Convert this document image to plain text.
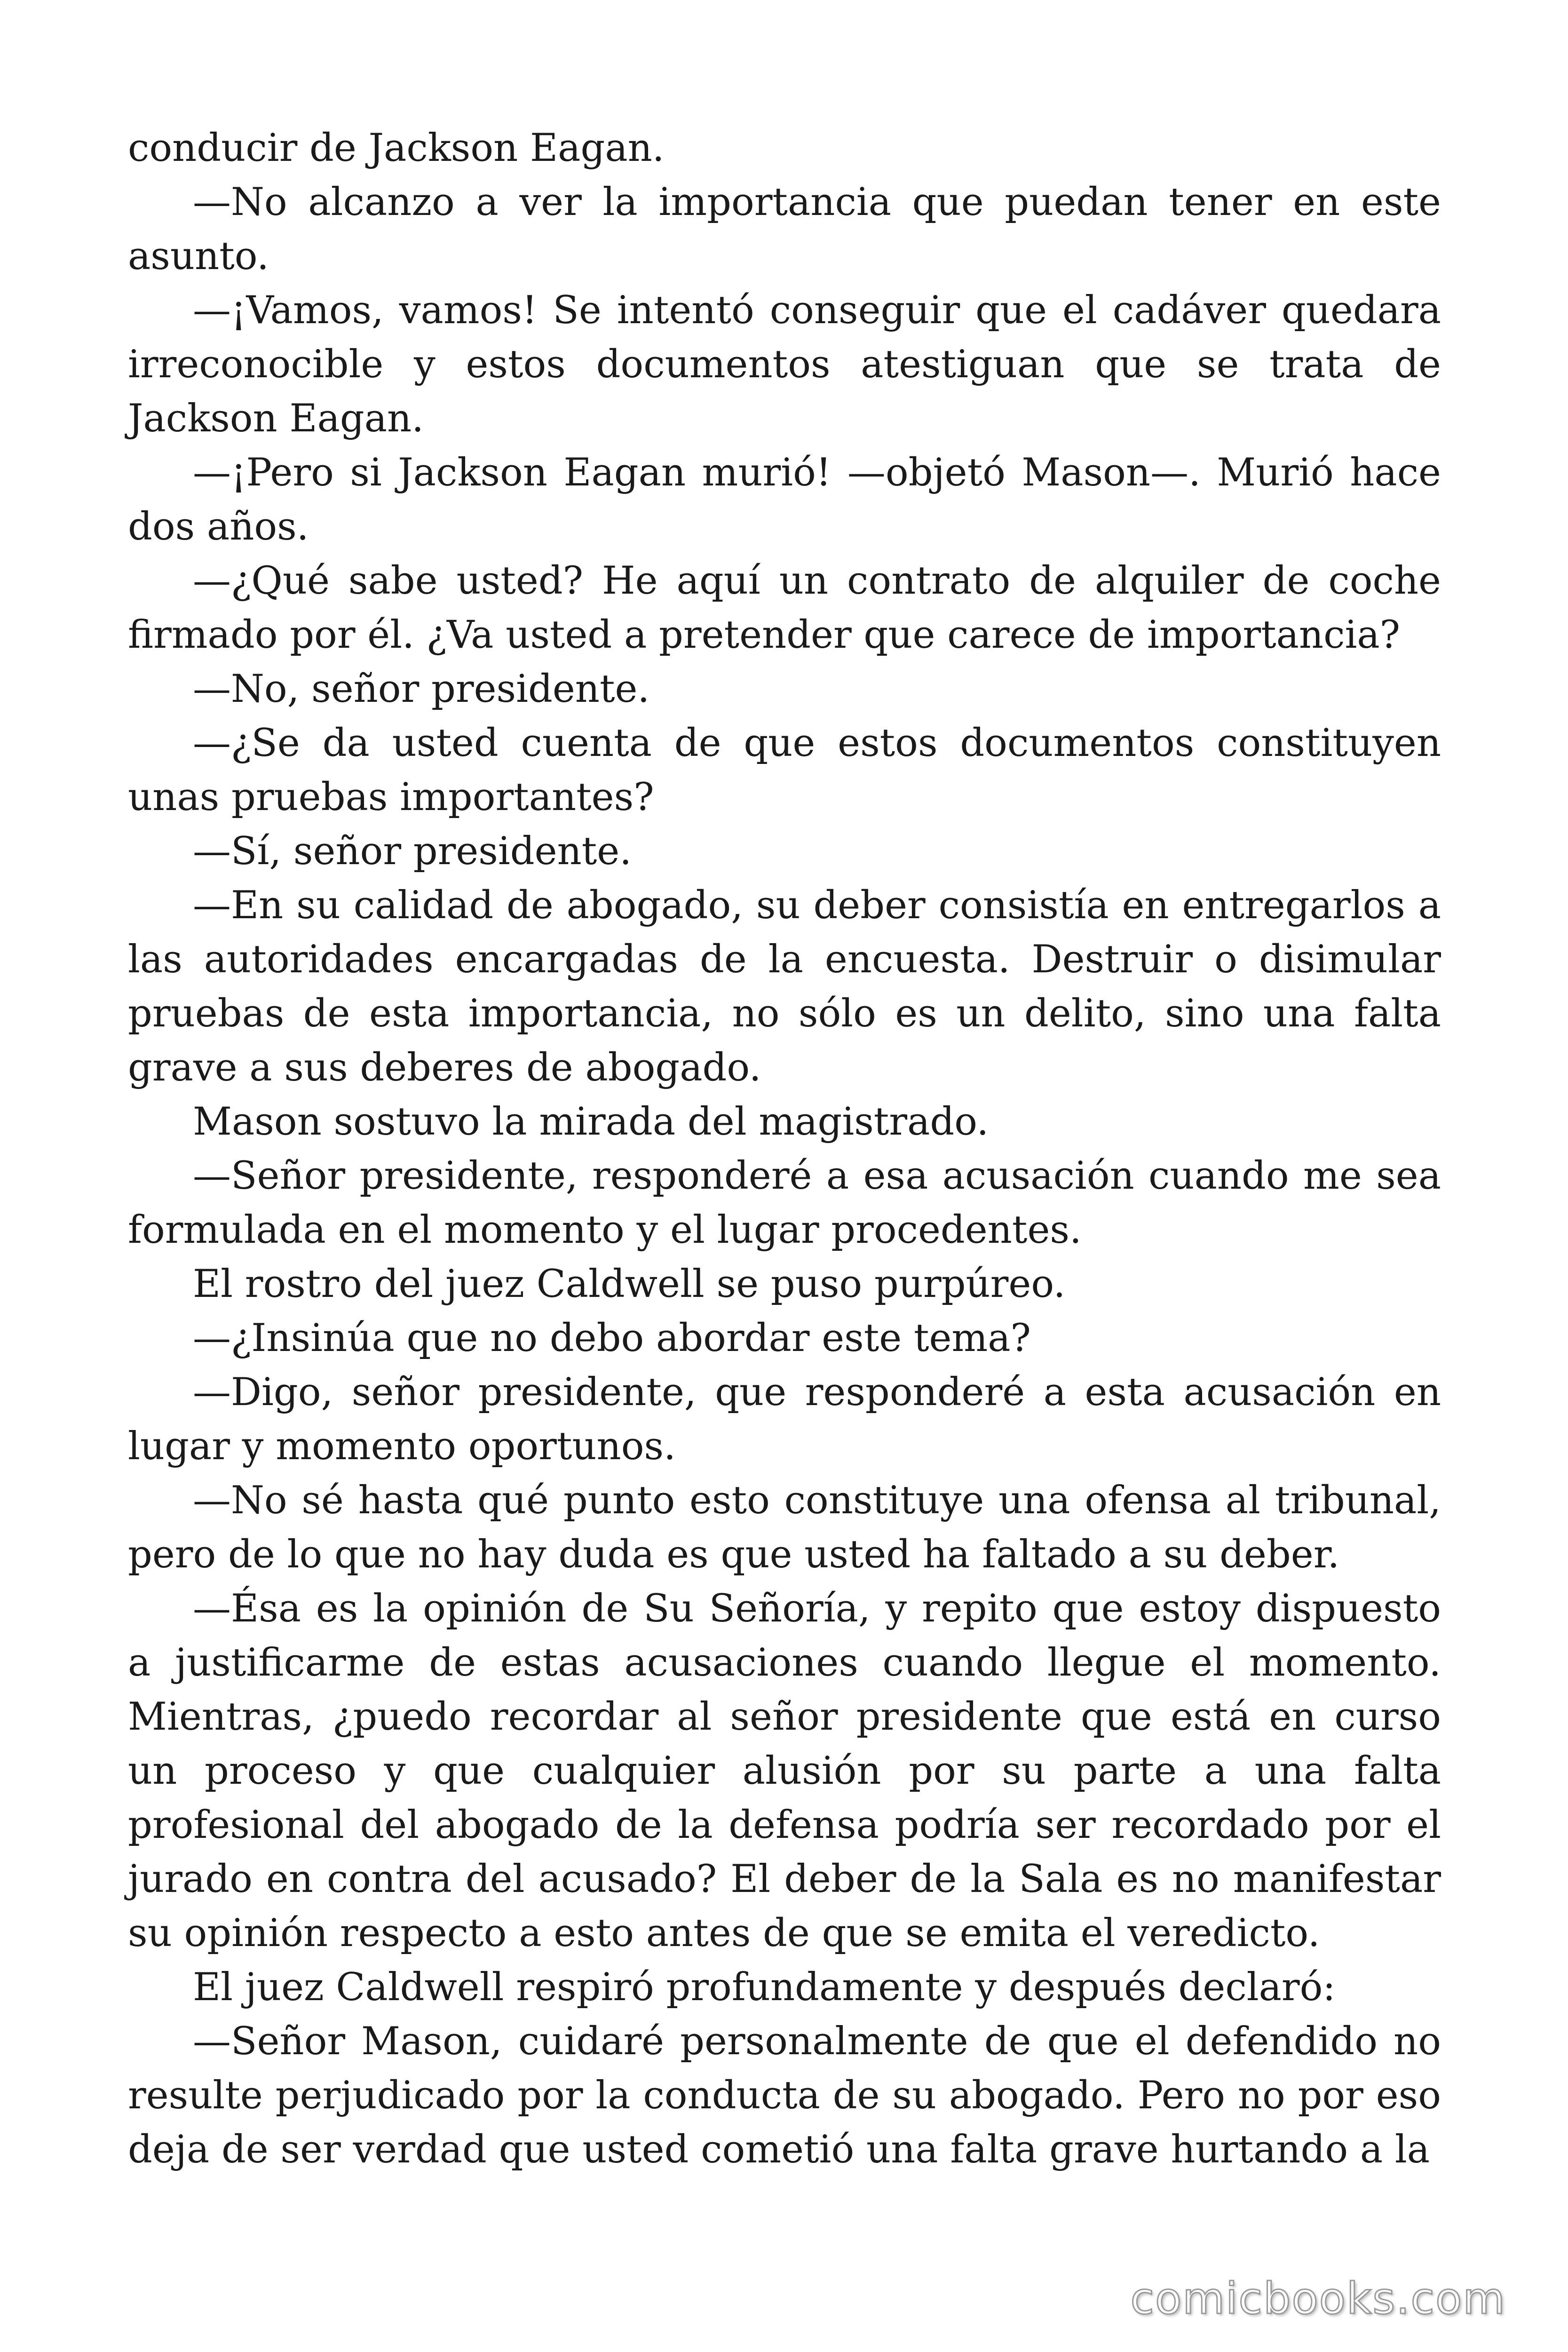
conducir de Jackson Eagan.

—No alcanzo a ver la importancia que puedan tener en este asunto.

—¡Vamos, vamos! Se intentó conseguir que el cadáver quedara irreconocible y estos documentos atestiguan que se trata de Jackson Eagan.

—¡Pero si Jackson Eagan murió! —objetó Mason—. Murió hace dos años.

—¿Qué sabe usted? He aquí un contrato de alquiler de coche firmado por él. ¿Va usted a pretender que carece de importancia?

—No, señor presidente.

—¿Se da usted cuenta de que estos documentos constituyen unas pruebas importantes?

—Sí, señor presidente.

—En su calidad de abogado, su deber consistía en entregarlos a las autoridades encargadas de la encuesta. Destruir o disimular pruebas de esta importancia, no sólo es un delito, sino una falta grave a sus deberes de abogado.

Mason sostuvo la mirada del magistrado.

—Señor presidente, responderé a esa acusación cuando me sea formulada en el momento y el lugar procedentes.

El rostro del juez Caldwell se puso purpúreo.

—¿Insinúa que no debo abordar este tema?

—Digo, señor presidente, que responderé a esta acusación en lugar y momento oportunos.

—No sé hasta qué punto esto constituye una ofensa al tribunal, pero de lo que no hay duda es que usted ha faltado a su deber.

—Ésa es la opinión de Su Señoría, y repito que estoy dispuesto a justificarme de estas acusaciones cuando llegue el momento. Mientras, ¿puedo recordar al señor presidente que está en curso un proceso y que cualquier alusión por su parte a una falta profesional del abogado de la defensa podría ser recordado por el jurado en contra del acusado? El deber de la Sala es no manifestar su opinión respecto a esto antes de que se emita el veredicto.

El juez Caldwell respiró profundamente y después declaró:

—Señor Mason, cuidaré personalmente de que el defendido no resulte perjudicado por la conducta de su abogado. Pero no por eso deja de ser verdad que usted cometió una falta grave hurtando a la

comicbooks.com
